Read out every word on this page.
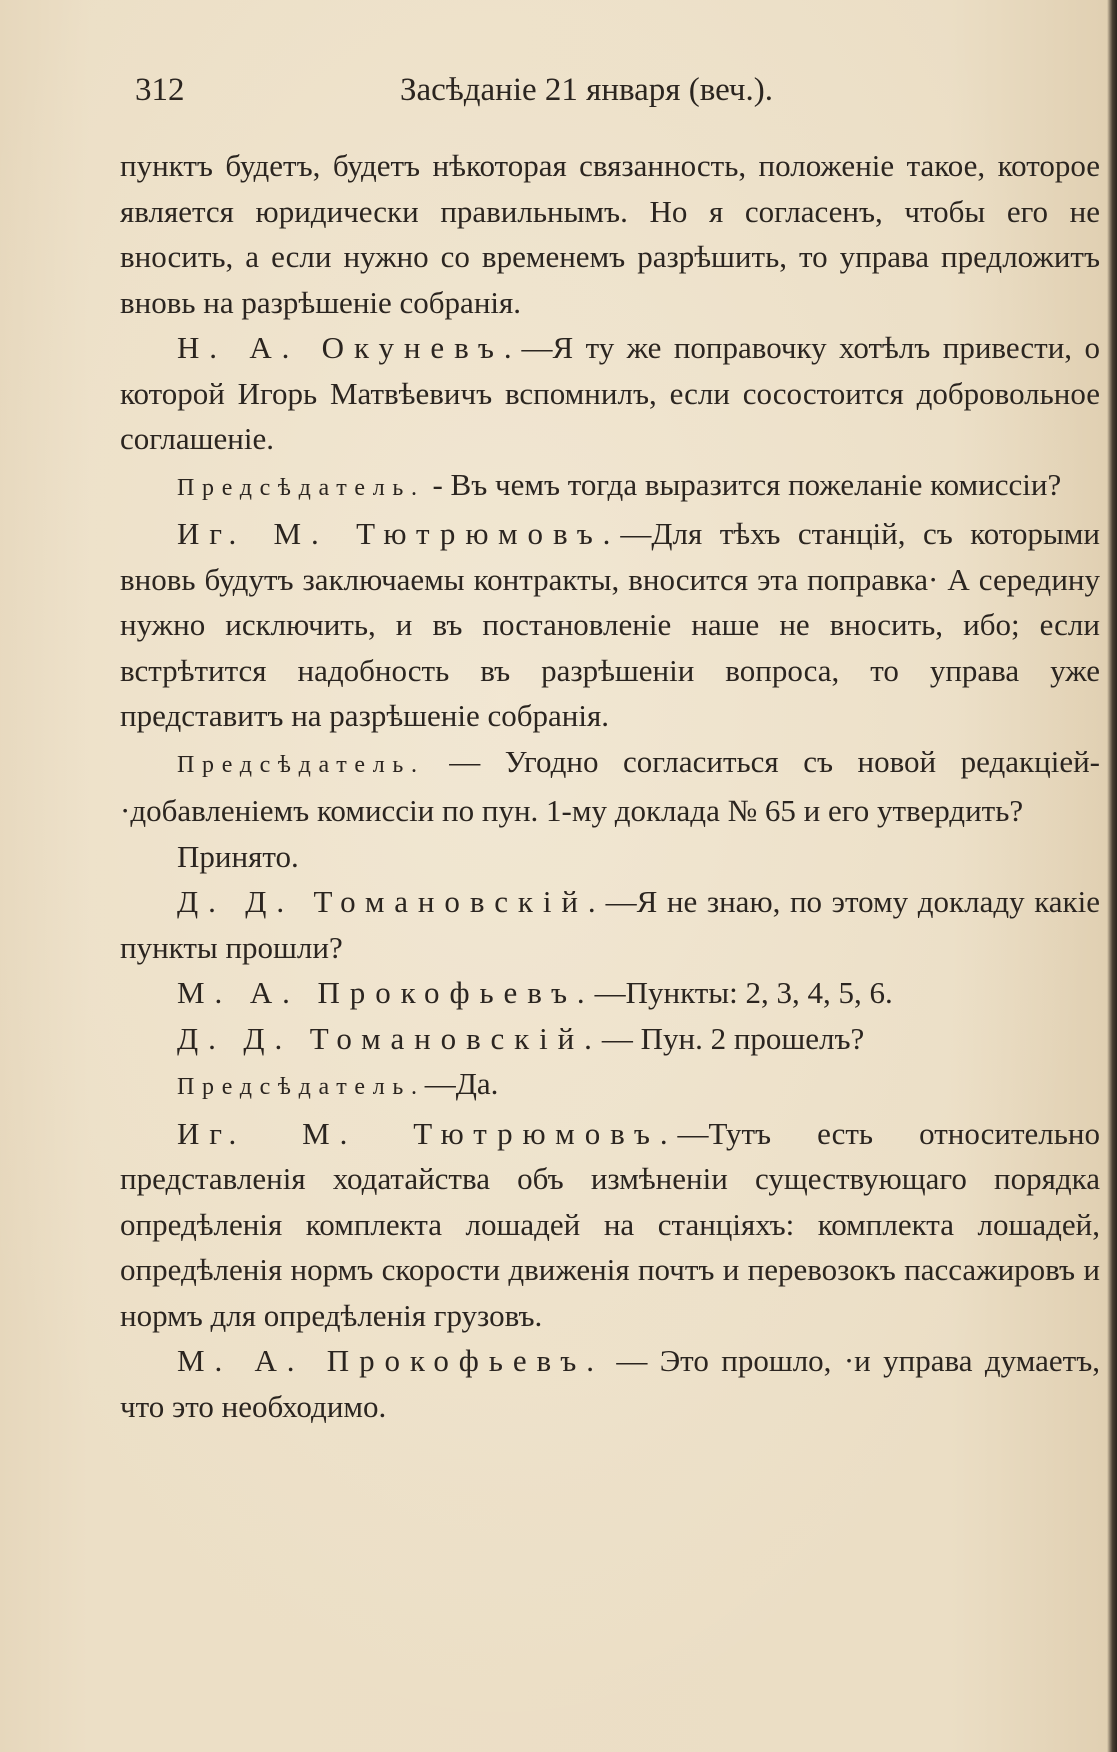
312	Засѣданіе 21 января (веч.).

пунктъ будетъ, будетъ нѣкоторая связанность, положеніе такое, которое является юридически правильнымъ. Но я согласенъ, чтобы его не вносить, а если нужно со временемъ разрѣшить, то управа предложитъ вновь на разрѣшеніе собранія.

Н. А. Окуневъ.—Я ту же поправочку хотѣлъ привести, о которой Игорь Матвѣевичъ вспомнилъ, если сосостоится добровольное соглашеніе.

Предсѣдатель. - Въ чемъ тогда выразится пожеланіе комиссіи?

Иг. М. Тютрюмовъ.—Для тѣхъ станцій, съ которыми вновь будутъ заключаемы контракты, вносится эта поправка· А середину нужно исключить, и въ постановленіе наше не вносить, ибо; если встрѣтится надобность въ разрѣшеніи вопроса, то управа уже представитъ на разрѣшеніе собранія.

Предсѣдатель. — Угодно согласиться съ новой редакціей-·добавленіемъ комиссіи по пун. 1-му доклада № 65 и его утвердить?

Принято.

Д. Д. Томановскій.—Я не знаю, по этому докладу какіе пункты прошли?

М. А. Прокофьевъ.—Пункты: 2, 3, 4, 5, 6.

Д. Д. Томановскій.— Пун. 2 прошелъ?

Предсѣдатель.—Да.

Иг. М. Тютрюмовъ.—Тутъ есть относительно представленія ходатайства объ измѣненіи существующаго порядка опредѣленія комплекта лошадей на станціяхъ: комплекта лошадей, опредѣленія нормъ скорости движенія почтъ и перевозокъ пассажировъ и нормъ для опредѣленія грузовъ.

М. А. Прокофьевъ. — Это прошло, ·и управа думаетъ, что это необходимо.
